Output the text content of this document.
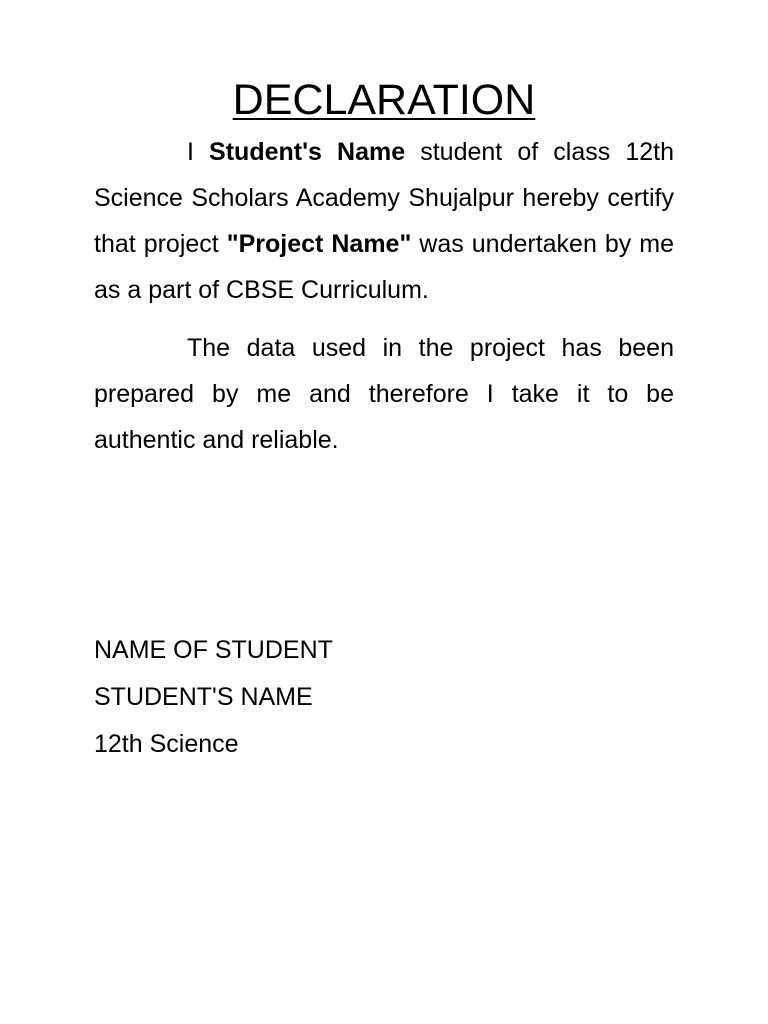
DECLARATION

I Student's Name student of class 12th Science Scholars Academy Shujalpur hereby certify that project "Project Name" was undertaken by me as a part of CBSE Curriculum.

The data used in the project has been prepared by me and therefore I take it to be authentic and reliable.

NAME OF STUDENT
STUDENT'S NAME
12th Science
